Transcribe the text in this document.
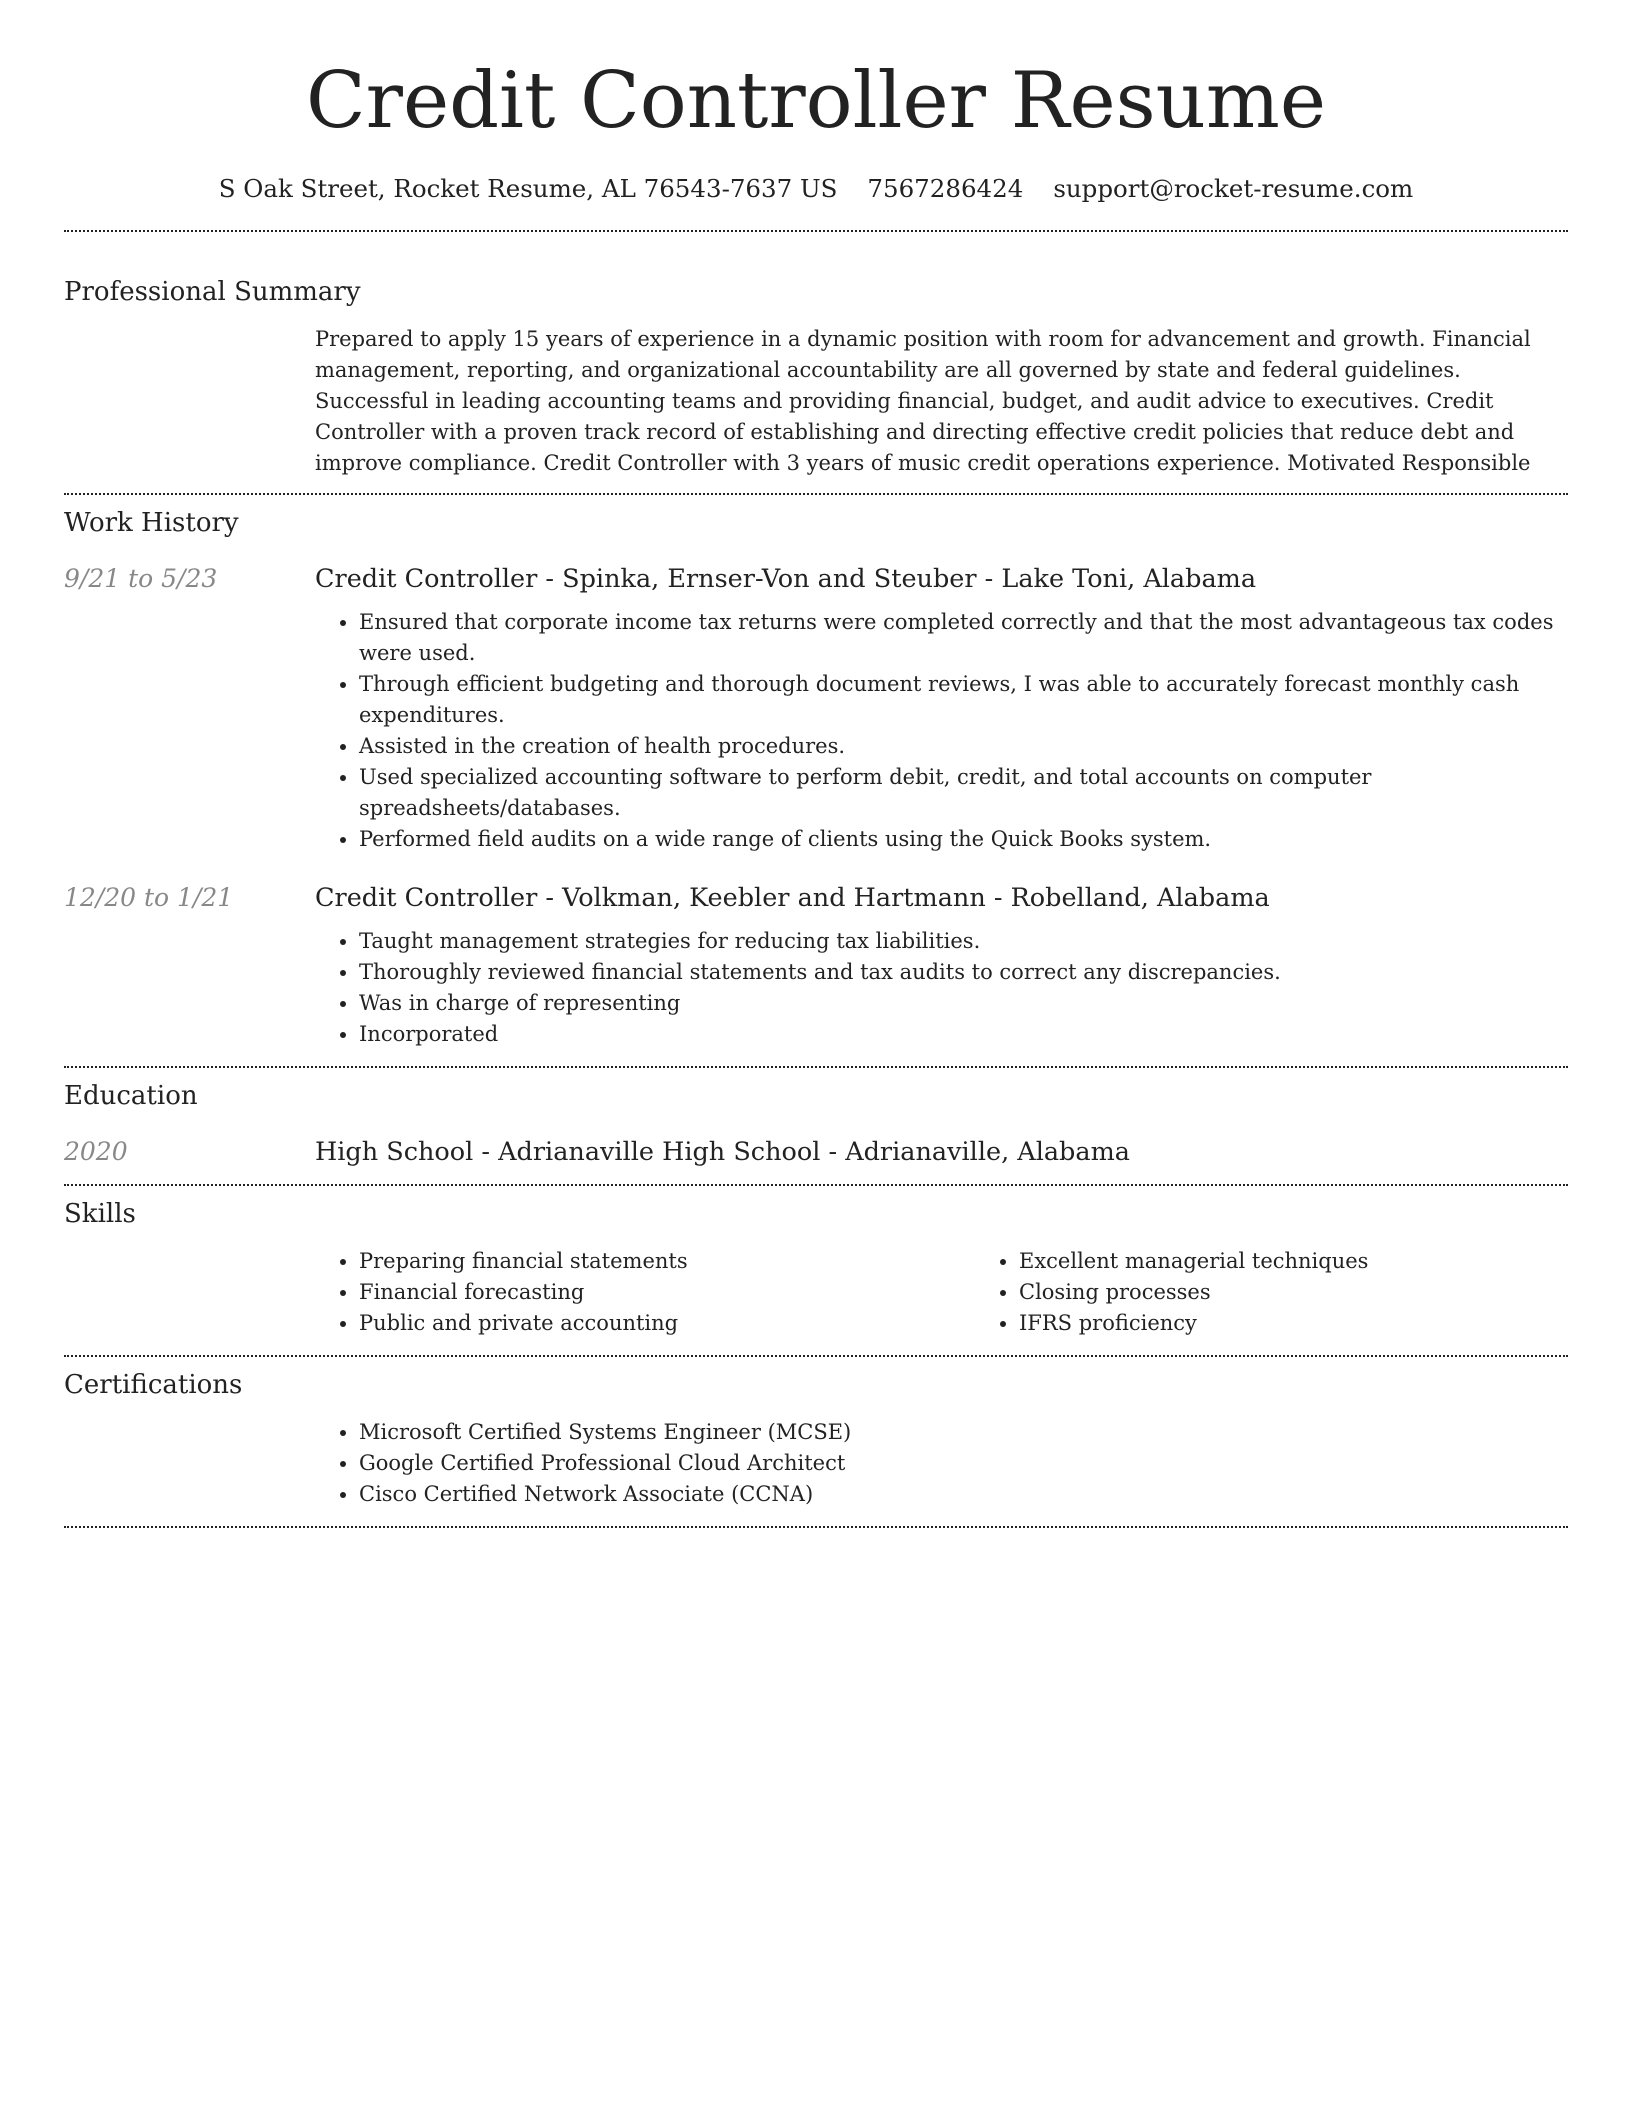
Credit Controller Resume
S Oak Street, Rocket Resume, AL 76543-7637 US 7567286424 support@rocket-resume.com
Professional Summary

Prepared to apply 15 years of experience in a dynamic position with room for advancement and growth. Financial management, reporting, and organizational accountability are all governed by state and federal guidelines. Successful in leading accounting teams and providing financial, budget, and audit advice to executives. Credit Controller with a proven track record of establishing and directing effective credit policies that reduce debt and improve compliance. Credit Controller with 3 years of music credit operations experience. Motivated Responsible

Work History
9/21 to 5/23	Credit Controller - Spinka, Ernser-Von and Steuber - Lake Toni, Alabama
• Ensured that corporate income tax returns were completed correctly and that the most advantageous tax codes were used.
• Through efficient budgeting and thorough document reviews, I was able to accurately forecast monthly cash expenditures.
• Assisted in the creation of health procedures.
• Used specialized accounting software to perform debit, credit, and total accounts on computer spreadsheets/databases.
• Performed field audits on a wide range of clients using the Quick Books system.
12/20 to 1/21	Credit Controller - Volkman, Keebler and Hartmann - Robelland, Alabama
• Taught management strategies for reducing tax liabilities.
• Thoroughly reviewed financial statements and tax audits to correct any discrepancies.
• Was in charge of representing
• Incorporated
Education
2020	High School - Adrianaville High School - Adrianaville, Alabama
Skills
• Preparing financial statements
• Financial forecasting
• Public and private accounting
• Excellent managerial techniques
• Closing processes
• IFRS proficiency
Certifications
• Microsoft Certified Systems Engineer (MCSE)
• Google Certified Professional Cloud Architect
• Cisco Certified Network Associate (CCNA)
